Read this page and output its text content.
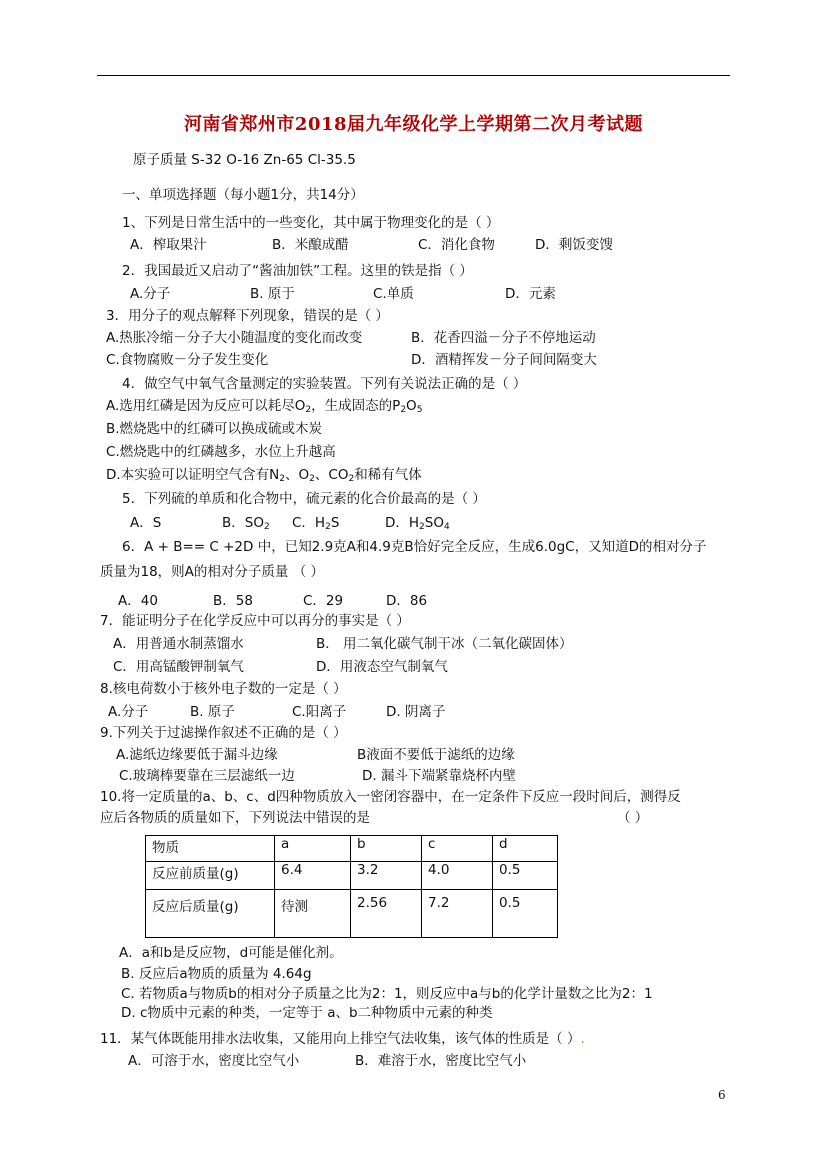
河南省郑州市2018届九年级化学上学期第二次月考试题
原子质量 S-32 O-16 Zn-65 Cl-35.5
一、单项选择题（每小题1分，共14分）
1、下列是日常生活中的一些变化，其中属于物理变化的是（ ）
A．榨取果汁	B．米酿成醋	C．消化食物	D．剩饭变馊
2．我国最近又启动了“酱油加铁”工程。这里的铁是指（ ）
A.分子	B. 原于	C.单质	D．元素
3．用分子的观点解释下列现象，错误的是（ ）
A.热胀冷缩－分子大小随温度的变化而改变	B．花香四溢－分子不停地运动
C.食物腐败－分子发生变化	D．酒精挥发－分子间间隔变大
4．做空气中氧气含量测定的实验装置。下列有关说法正确的是（ ）
A.选用红磷是因为反应可以耗尽$O_2$，生成固态的$P_2O_5$
B.燃烧匙中的红磷可以换成硫或木炭
C.燃烧匙中的红磷越多，水位上升越高
D.本实验可以证明空气含有$N_2$、$O_2$、$CO_2$和稀有气体
5．下列硫的单质和化合物中，硫元素的化合价最高的是（ ）
A．S	B．$SO_2$ C．$H_2S$	D．$H_2SO_4$
6．A + B== C +2D 中，已知2.9克A和4.9克B恰好完全反应，生成6.0gC，又知道D的相对分子
质量为18，则A的相对分子质量 （ ）
A．40	B．58	C．29	D．86
7．能证明分子在化学反应中可以再分的事实是（ ）
A．用普通水制蒸馏水	B． 用二氧化碳气制干冰（二氧化碳固体）
C．用高锰酸钾制氧气	D．用液态空气制氧气
8.核电荷数小于核外电子数的一定是（ ）
A.分子	B. 原子	C.阳离子	D. 阴离子
9.下列关于过滤操作叙述不正确的是（ ）
A.滤纸边缘要低于漏斗边缘	B液面不要低于滤纸的边缘
C.玻璃棒要靠在三层滤纸一边	D. 漏斗下端紧靠烧杯内壁
10.将一定质量的a、b、c、d四种物质放入一密闭容器中，在一定条件下反应一段时间后，测得反
应后各物质的质量如下，下列说法中错误的是	（ ）
物质	a	b	c	d
反应前质量(g)	6.4	3.2	4.0	0.5
反应后质量(g)	待测	2.56	7.2	0.5
A．a和b是反应物，d可能是催化剂。
B. 反应后a物质的质量为 4.64g
C. 若物质a与物质b的相对分子质量之比为2：1，则反应中a与b的化学计量数之比为2：1
D. c物质中元素的种类，一定等于 a、b二种物质中元素的种类
11．某气体既能用排水法收集，又能用向上排空气法收集，该气体的性质是（ ）.
A．可溶于水，密度比空气小	B．难溶于水，密度比空气小
6
